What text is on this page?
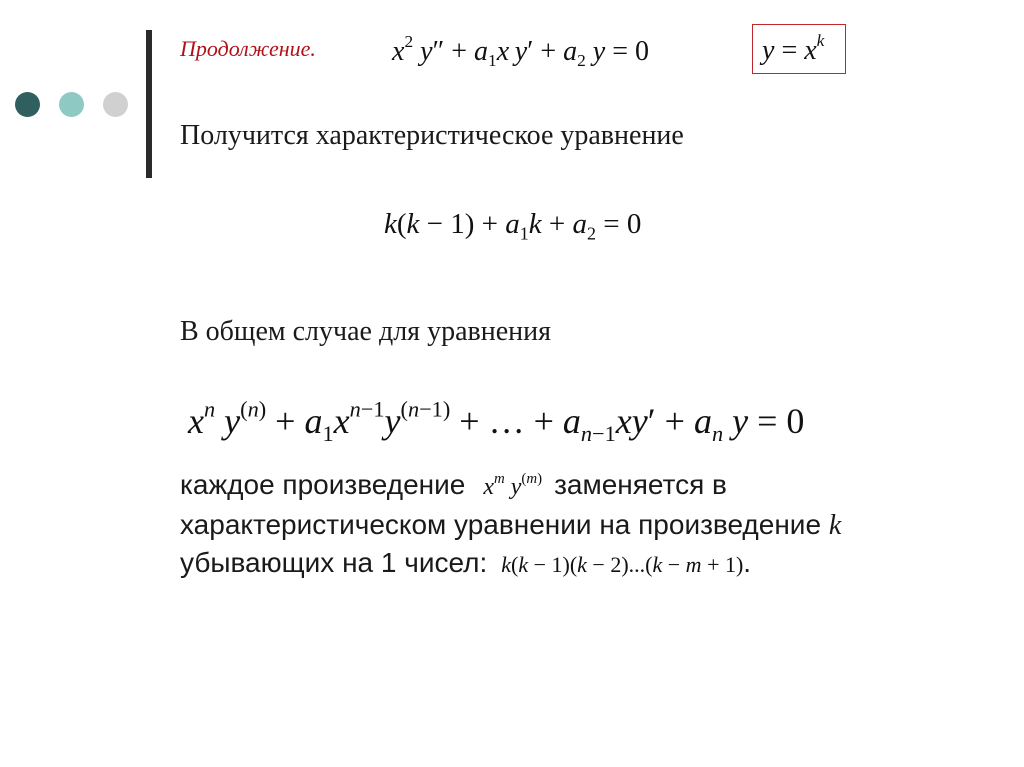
Продолжение.	$x^2$ $y'' + a_1x$  $y' + a_2$ y = 0	$y = x^k$
Получится характеристическое уравнение
$k(k - 1) + a_1k + a_2 = 0$
В общем случае для уравнения
$x^n$ $y^{(n)} + a_1x^{n-1}y^{(n-1)}$ + … + $a_{n-1}xy' + a_n$ y = 0
каждое произведение $x^m$ $y^{(m)}$ заменяется в характеристическом уравнении на произведение k убывающих на 1 чисел: k(k − 1)(k − 2)...(k − m + 1).
